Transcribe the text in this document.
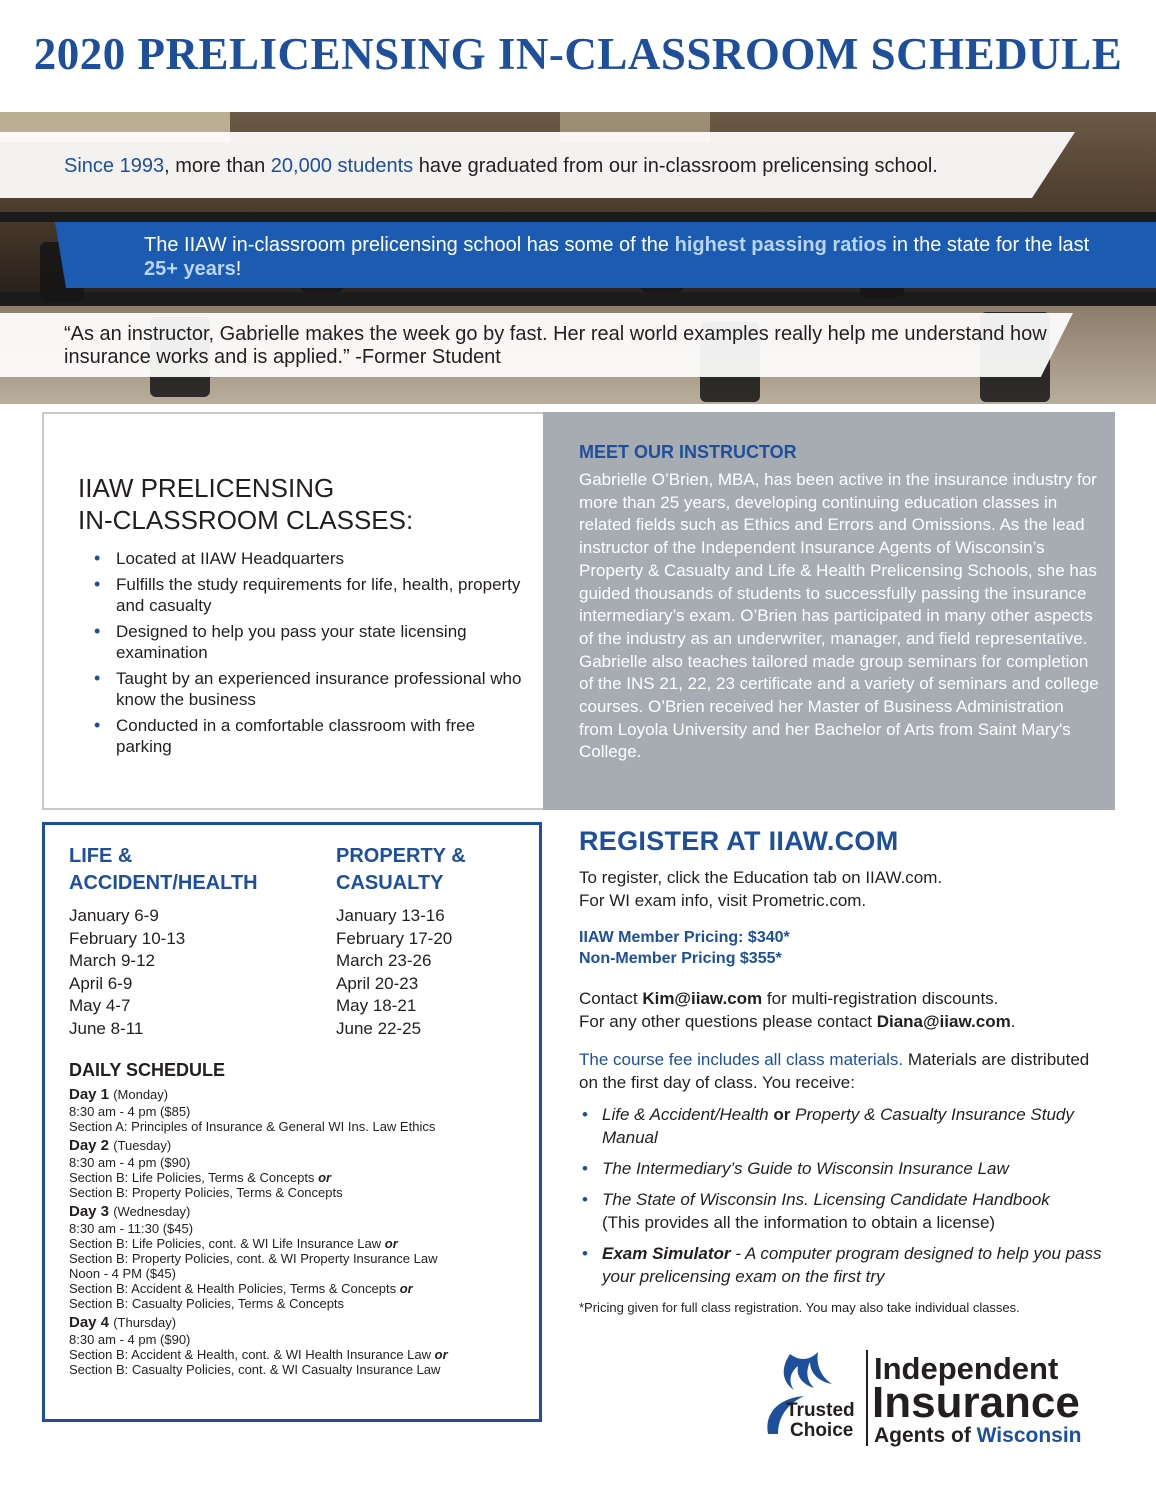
2020 PRELICENSING IN-CLASSROOM SCHEDULE
Since 1993, more than 20,000 students have graduated from our in-classroom prelicensing school.
The IIAW in-classroom prelicensing school has some of the highest passing ratios in the state for the last 25+ years!
“As an instructor, Gabrielle makes the week go by fast. Her real world examples really help me understand how insurance works and is applied.” -Former Student
IIAW PRELICENSING
IN-CLASSROOM CLASSES:
• Located at IIAW Headquarters
• Fulfills the study requirements for life, health, property and casualty
• Designed to help you pass your state licensing examination
• Taught by an experienced insurance professional who know the business
• Conducted in a comfortable classroom with free parking
MEET OUR INSTRUCTOR
Gabrielle O’Brien, MBA, has been active in the insurance industry for more than 25 years, developing continuing education classes in related fields such as Ethics and Errors and Omissions. As the lead instructor of the Independent Insurance Agents of Wisconsin’s Property & Casualty and Life & Health Prelicensing Schools, she has guided thousands of students to successfully passing the insurance intermediary’s exam. O’Brien has participated in many other aspects of the industry as an underwriter, manager, and field representative. Gabrielle also teaches tailored made group seminars for completion of the INS 21, 22, 23 certificate and a variety of seminars and college courses. O’Brien received her Master of Business Administration from Loyola University and her Bachelor of Arts from Saint Mary's College.
LIFE &
ACCIDENT/HEALTH
January 6-9
February 10-13
March 9-12
April 6-9
May 4-7
June 8-11
PROPERTY &
CASUALTY
January 13-16
February 17-20
March 23-26
April 20-23
May 18-21
June 22-25
DAILY SCHEDULE
Day 1 (Monday)
8:30 am - 4 pm ($85)
Section A: Principles of Insurance & General WI Ins. Law Ethics
Day 2 (Tuesday)
8:30 am - 4 pm ($90)
Section B: Life Policies, Terms & Concepts or
Section B: Property Policies, Terms & Concepts
Day 3 (Wednesday)
8:30 am - 11:30 ($45)
Section B: Life Policies, cont. & WI Life Insurance Law or
Section B: Property Policies, cont. & WI Property Insurance Law
Noon - 4 PM ($45)
Section B: Accident & Health Policies, Terms & Concepts or
Section B: Casualty Policies, Terms & Concepts
Day 4 (Thursday)
8:30 am - 4 pm ($90)
Section B: Accident & Health, cont. & WI Health Insurance Law or
Section B: Casualty Policies, cont. & WI Casualty Insurance Law
REGISTER AT IIAW.COM
To register, click the Education tab on IIAW.com.
For WI exam info, visit Prometric.com.
IIAW Member Pricing: $340*
Non-Member Pricing $355*
Contact Kim@iiaw.com for multi-registration discounts.
For any other questions please contact Diana@iiaw.com.
The course fee includes all class materials. Materials are distributed on the first day of class. You receive:
• Life & Accident/Health or Property & Casualty Insurance Study Manual
• The Intermediary’s Guide to Wisconsin Insurance Law
• The State of Wisconsin Ins. Licensing Candidate Handbook
(This provides all the information to obtain a license)
• Exam Simulator - A computer program designed to help you pass your prelicensing exam on the first try
*Pricing given for full class registration. You may also take individual classes.
Trusted
Choice
Independent
Insurance
Agents of Wisconsin
